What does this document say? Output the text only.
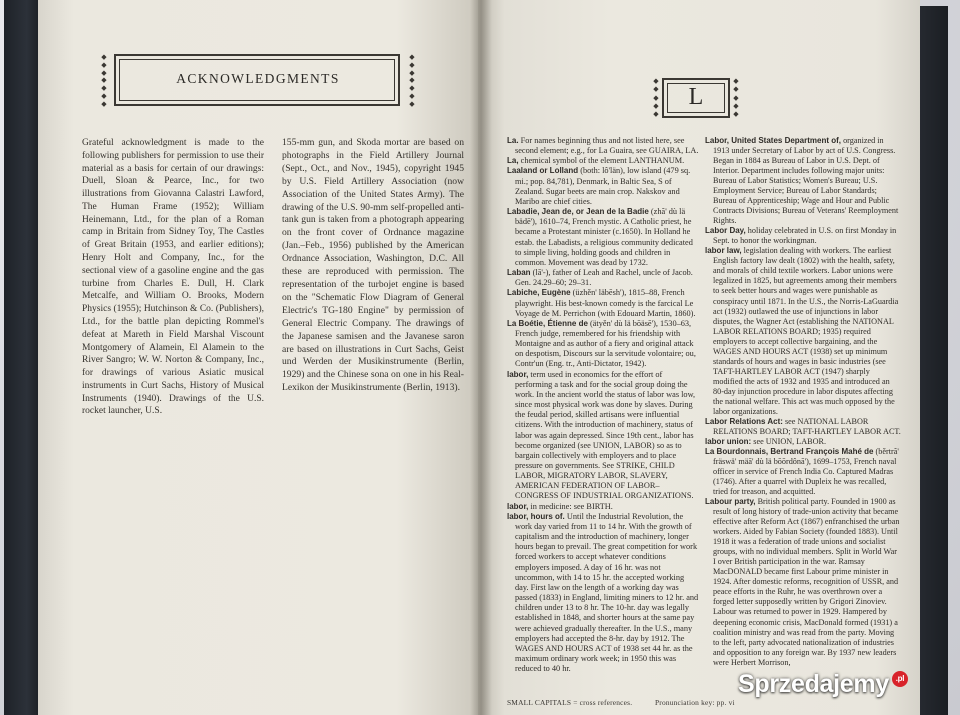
◆
◆
◆
◆
◆
◆
◆
ACKNOWLEDGMENTS
◆
◆
◆
◆
◆
◆
◆

Grateful acknowledgment is made to the following publishers for permission to use their material as a basis for certain of our drawings: Duell, Sloan & Pearce, Inc., for two illustrations from Giovanna Calastri Lawford, The Human Frame (1952); William Heinemann, Ltd., for the plan of a Roman camp in Britain from Sidney Toy, The Castles of Great Britain (1953, and earlier editions); Henry Holt and Company, Inc., for the sectional view of a gasoline engine and the gas turbine from Charles E. Dull, H. Clark Metcalfe, and William O. Brooks, Modern Physics (1955); Hutchinson & Co. (Publishers), Ltd., for the battle plan depicting Rommel's defeat at Mareth in Field Marshal Viscount Montgomery of Alamein, El Alamein to the River Sangro; W. W. Norton & Company, Inc., for drawings of various Asiatic musical instruments in Curt Sachs, History of Musical Instruments (1940). Drawings of the U.S. rocket launcher, U.S.

155-mm gun, and Skoda mortar are based on photographs in the Field Artillery Journal (Sept., Oct., and Nov., 1945), copyright 1945 by U.S. Field Artillery Association (now Association of the United States Army). The drawing of the U.S. 90-mm self-propelled anti-tank gun is taken from a photograph appearing on the front cover of Ordnance magazine (Jan.–Feb., 1956) published by the American Ordnance Association, Washington, D.C. All these are reproduced with permission. The representation of the turbojet engine is based on the "Schematic Flow Diagram of General Electric's TG-180 Engine" by permission of General Electric Company. The drawings of the Japanese samisen and the Javanese saron are based on illustrations in Curt Sachs, Geist und Werden der Musikinstrumente (Berlin, 1929) and the Chinese sona on one in his Real-Lexikon der Musikinstrumente (Berlin, 1913).

◆
◆
◆
◆
◆
L
◆
◆
◆
◆
◆

La. For names beginning thus and not listed here, see second element; e.g., for La Guaira, see GUAIRA, LA.

La, chemical symbol of the element LANTHANUM.

Laaland or Lolland (both: lô'län), low island (479 sq. mi.; pop. 84,781), Denmark, in Baltic Sea, S of Zealand. Sugar beets are main crop. Nakskov and Maribo are chief cities.

Labadie, Jean de, or Jean de la Badie (zhã' dù lä bädē'), 1610–74, French mystic. A Catholic priest, he became a Protestant minister (c.1650). In Holland he estab. the Labadists, a religious community dedicated to simple living, holding goods and children in common. Movement was dead by 1732.

Laban (lā'-), father of Leah and Rachel, uncle of Jacob. Gen. 24.29–60; 29–31.

Labiche, Eugène (üzhěn' läbēsh'), 1815–88, French playwright. His best-known comedy is the farcical Le Voyage de M. Perrichon (with Edouard Martin, 1860).

La Boétie, Étienne de (ätyěn' dù lä bōäsē'), 1530–63, French judge, remembered for his friendship with Montaigne and as author of a fiery and original attack on despotism, Discours sur la servitude volontaire; ou, Contr'un (Eng. tr., Anti-Dictator, 1942).

labor, term used in economics for the effort of performing a task and for the social group doing the work. In the ancient world the status of labor was low, since most physical work was done by slaves. During the feudal period, skilled artisans were influential citizens. With the introduction of machinery, status of labor was again depressed. Since 19th cent., labor has become organized (see UNION, LABOR) so as to bargain collectively with employers and to place pressure on governments. See STRIKE, CHILD LABOR, MIGRATORY LABOR, SLAVERY, AMERICAN FEDERATION OF LABOR–CONGRESS OF INDUSTRIAL ORGANIZATIONS.

labor, in medicine: see BIRTH.

labor, hours of. Until the Industrial Revolution, the work day varied from 11 to 14 hr. With the growth of capitalism and the introduction of machinery, longer hours began to prevail. The great competition for work forced workers to accept whatever conditions employers imposed. A day of 16 hr. was not uncommon, with 14 to 15 hr. the accepted working day. First law on the length of a working day was passed (1833) in England, limiting miners to 12 hr. and children under 13 to 8 hr. The 10-hr. day was legally established in 1848, and shorter hours at the same pay were achieved gradually thereafter. In the U.S., many employers had accepted the 8-hr. day by 1912. The WAGES AND HOURS ACT of 1938 set 44 hr. as the maximum ordinary work week; in 1950 this was reduced to 40 hr.

Labor, United States Department of, organized in 1913 under Secretary of Labor by act of U.S. Congress. Began in 1884 as Bureau of Labor in U.S. Dept. of Interior. Department includes following major units: Bureau of Labor Statistics; Women's Bureau; U.S. Employment Service; Bureau of Labor Standards; Bureau of Apprenticeship; Wage and Hour and Public Contracts Divisions; Bureau of Veterans' Reemployment Rights.

Labor Day, holiday celebrated in U.S. on first Monday in Sept. to honor the workingman.

labor law, legislation dealing with workers. The earliest English factory law dealt (1802) with the health, safety, and morals of child textile workers. Labor unions were legalized in 1825, but agreements among their members to seek better hours and wages were punishable as conspiracy until 1871. In the U.S., the Norris-LaGuardia act (1932) outlawed the use of injunctions in labor disputes, the Wagner Act (establishing the NATIONAL LABOR RELATIONS BOARD; 1935) required employers to accept collective bargaining, and the WAGES AND HOURS ACT (1938) set up minimum standards of hours and wages in basic industries (see TAFT-HARTLEY LABOR ACT (1947) sharply modified the acts of 1932 and 1935 and introduced an 80-day injunction procedure in labor disputes affecting the national welfare. This act was much opposed by the labor organizations.

Labor Relations Act: see NATIONAL LABOR RELATIONS BOARD; TAFT-HARTLEY LABOR ACT.

labor union: see UNION, LABOR.

La Bourdonnais, Bertrand François Mahé de (běrtrã' fräswä' mäā' dù lä bōōrdônā'), 1699–1753, French naval officer in service of French India Co. Captured Madras (1746). After a quarrel with Dupleix he was recalled, tried for treason, and acquitted.

Labour party, British political party. Founded in 1900 as result of long history of trade-union activity that became effective after Reform Act (1867) enfranchised the urban workers. Aided by Fabian Society (founded 1883). Until 1918 it was a federation of trade unions and socialist groups, with no individual members. Split in World War I over British participation in the war. Ramsay MacDONALD became first Labour prime minister in 1924. After domestic reforms, recognition of USSR, and peace efforts in the Ruhr, he was overthrown over a forged letter supposedly written by Grigori Zinoviev. Labour was returned to power in 1929. Hampered by deepening economic crisis, MacDonald formed (1931) a coalition ministry and was read from the party. Moving to the left, party advocated nationalization of industries and opposition to any foreign war. By 1937 new leaders were Herbert Morrison,

SMALL CAPITALS = cross references.	Pronunciation key: pp. vi
Sprzedajemy .pl
